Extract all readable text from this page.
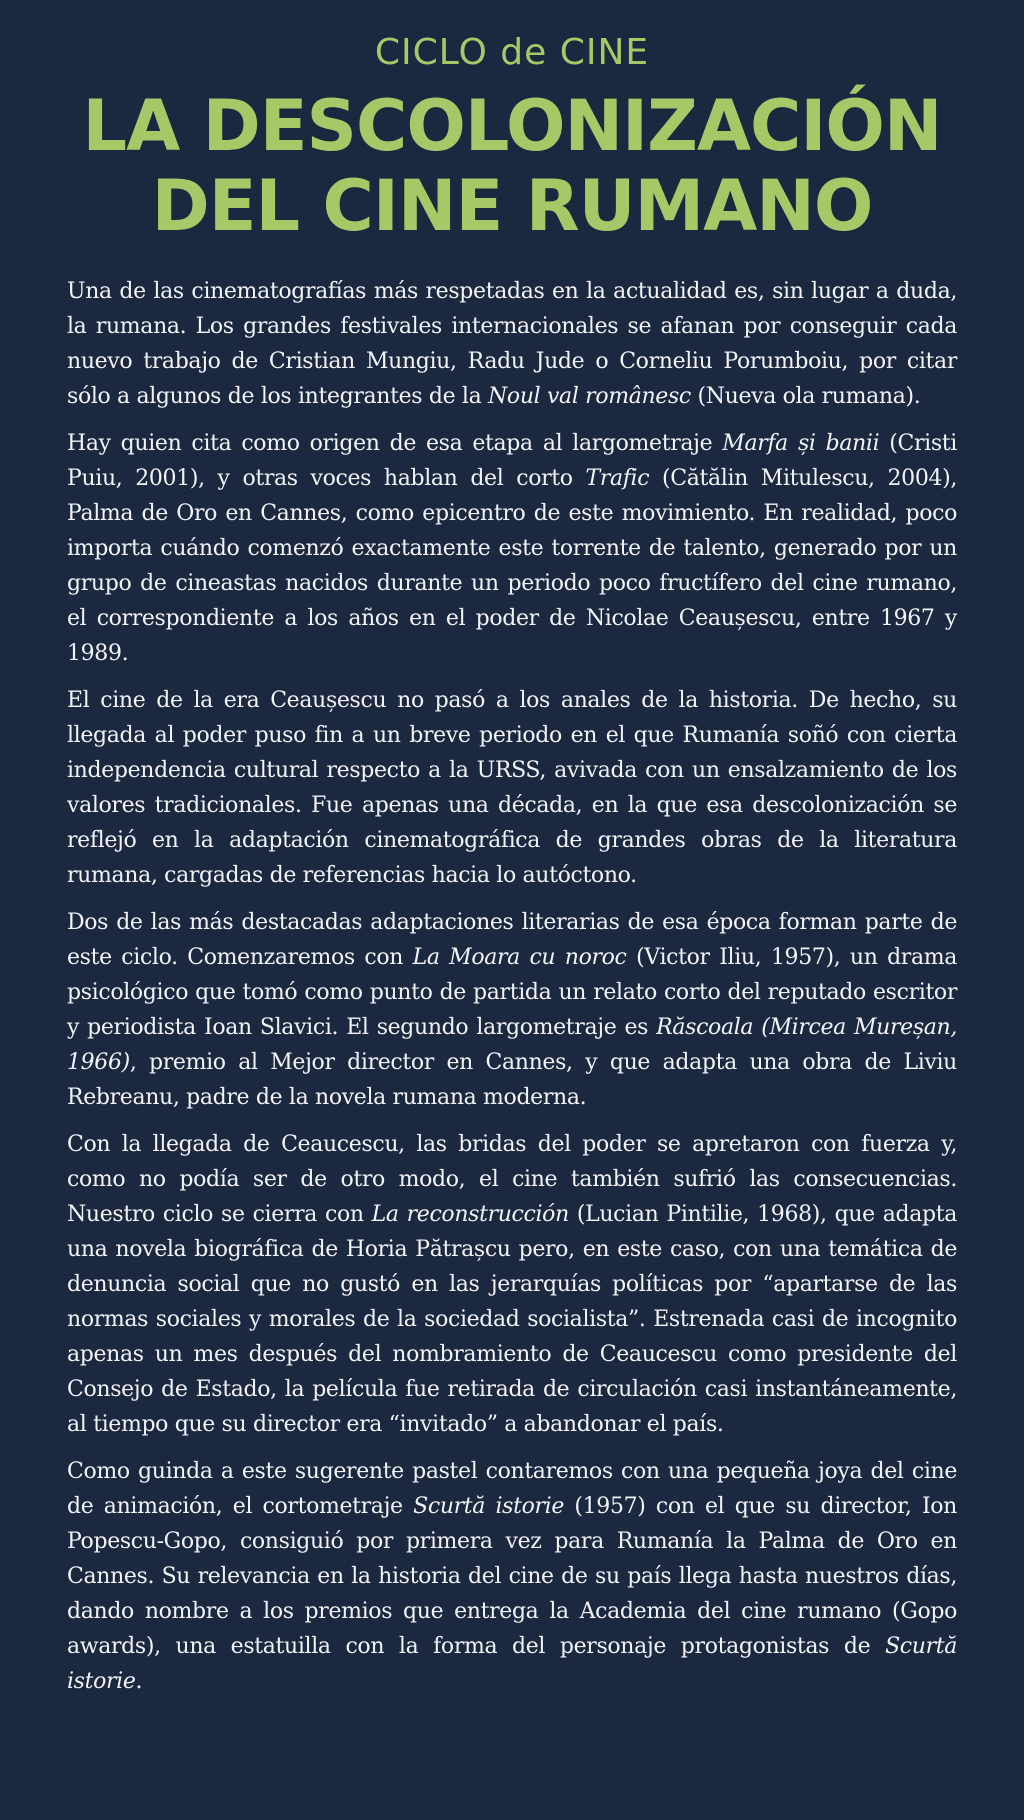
CICLO de CINE
LA DESCOLONIZACIÓN
DEL CINE RUMANO

Una de las cinematografías más respetadas en la actualidad es, sin lugar a duda, la rumana. Los grandes festivales internacionales se afanan por conseguir cada nuevo trabajo de Cristian Mungiu, Radu Jude o Corneliu Porumboiu, por citar sólo a algunos de los integrantes de la Noul val românesc (Nueva ola rumana).

Hay quien cita como origen de esa etapa al largometraje Marfa și banii (Cristi Puiu, 2001), y otras voces hablan del corto Trafic (Cătălin Mitulescu, 2004), Palma de Oro en Cannes, como epicentro de este movimiento. En realidad, poco importa cuándo comenzó exactamente este torrente de talento, generado por un grupo de cineastas nacidos durante un periodo poco fructífero del cine rumano, el correspondiente a los años en el poder de Nicolae Ceaușescu, entre 1967 y 1989.

El cine de la era Ceaușescu no pasó a los anales de la historia. De hecho, su llegada al poder puso fin a un breve periodo en el que Rumanía soñó con cierta independencia cultural respecto a la URSS, avivada con un ensalzamiento de los valores tradicionales. Fue apenas una década, en la que esa descolonización se reflejó en la adaptación cinematográfica de grandes obras de la literatura rumana, cargadas de referencias hacia lo autóctono.

Dos de las más destacadas adaptaciones literarias de esa época forman parte de este ciclo. Comenzaremos con La Moara cu noroc (Victor Iliu, 1957), un drama psicológico que tomó como punto de partida un relato corto del reputado escritor y periodista Ioan Slavici. El segundo largometraje es Răscoala (Mircea Mureșan, 1966), premio al Mejor director en Cannes, y que adapta una obra de Liviu Rebreanu, padre de la novela rumana moderna.

Con la llegada de Ceaucescu, las bridas del poder se apretaron con fuerza y, como no podía ser de otro modo, el cine también sufrió las consecuencias. Nuestro ciclo se cierra con La reconstrucción (Lucian Pintilie, 1968), que adapta una novela biográfica de Horia Pătrașcu pero, en este caso, con una temática de denuncia social que no gustó en las jerarquías políticas por “apartarse de las normas sociales y morales de la sociedad socialista”. Estrenada casi de incognito apenas un mes después del nombramiento de Ceaucescu como presidente del Consejo de Estado, la película fue retirada de circulación casi instantáneamente, al tiempo que su director era “invitado” a abandonar el país.

Como guinda a este sugerente pastel contaremos con una pequeña joya del cine de animación, el cortometraje Scurtă istorie (1957) con el que su director, Ion Popescu-Gopo, consiguió por primera vez para Rumanía la Palma de Oro en Cannes. Su relevancia en la historia del cine de su país llega hasta nuestros días, dando nombre a los premios que entrega la Academia del cine rumano (Gopo awards), una estatuilla con la forma del personaje protagonistas de Scurtă istorie.
